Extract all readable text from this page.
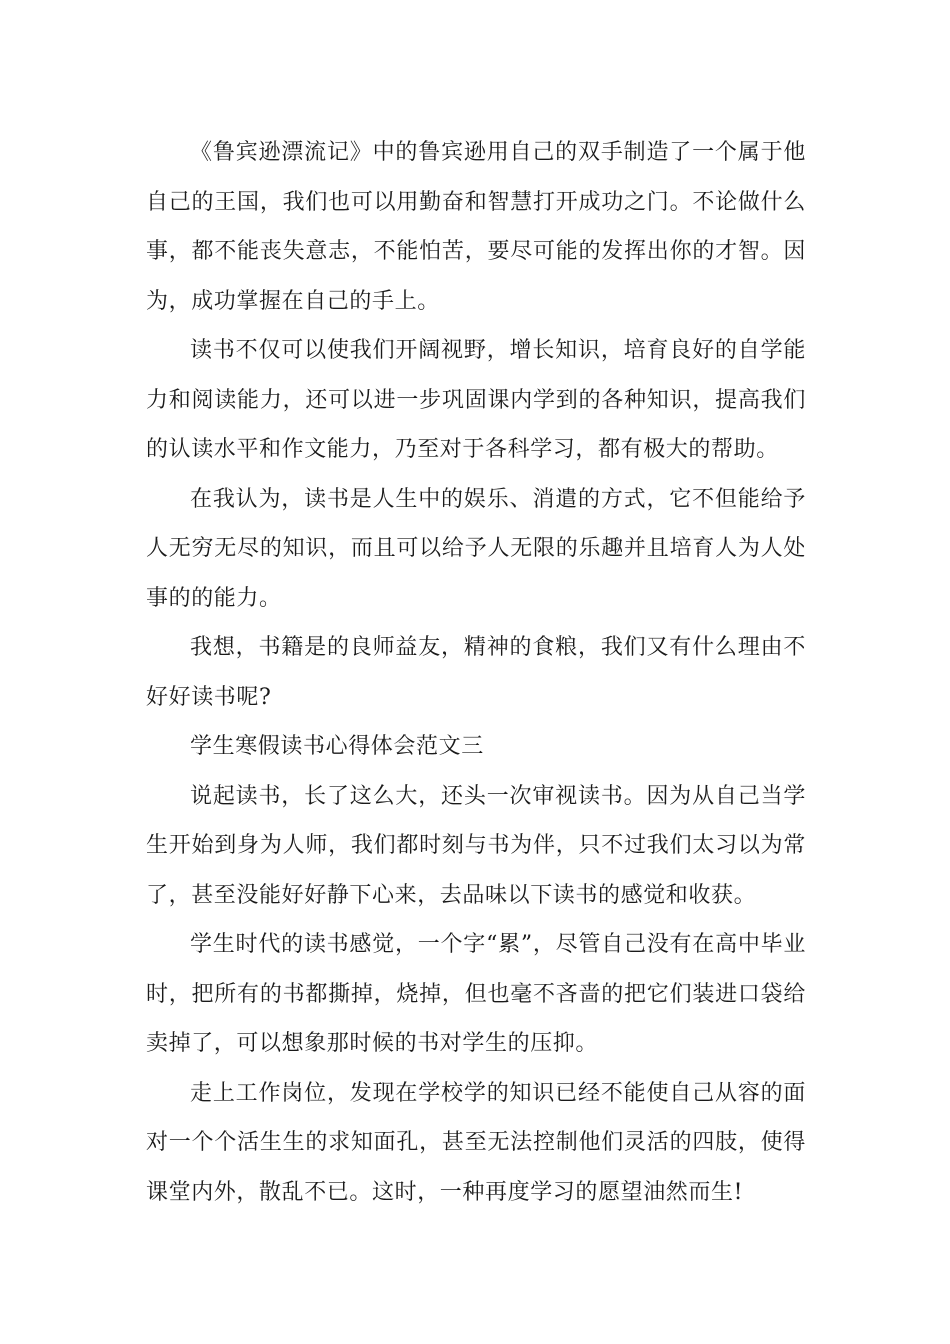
《鲁宾逊漂流记》中的鲁宾逊用自己的双手制造了一个属于他自己的王国，我们也可以用勤奋和智慧打开成功之门。不论做什么事，都不能丧失意志，不能怕苦，要尽可能的发挥出你的才智。因为，成功掌握在自己的手上。

读书不仅可以使我们开阔视野，增长知识，培育良好的自学能力和阅读能力，还可以进一步巩固课内学到的各种知识，提高我们的认读水平和作文能力，乃至对于各科学习，都有极大的帮助。

在我认为，读书是人生中的娱乐、消遣的方式，它不但能给予人无穷无尽的知识，而且可以给予人无限的乐趣并且培育人为人处事的的能力。

我想，书籍是的良师益友，精神的食粮，我们又有什么理由不好好读书呢?

学生寒假读书心得体会范文三

说起读书，长了这么大，还头一次审视读书。因为从自己当学生开始到身为人师，我们都时刻与书为伴，只不过我们太习以为常了，甚至没能好好静下心来，去品味以下读书的感觉和收获。

学生时代的读书感觉，一个字“累”，尽管自己没有在高中毕业时，把所有的书都撕掉，烧掉，但也毫不吝啬的把它们装进口袋给卖掉了，可以想象那时候的书对学生的压抑。

走上工作岗位，发现在学校学的知识已经不能使自己从容的面对一个个活生生的求知面孔，甚至无法控制他们灵活的四肢，使得课堂内外，散乱不已。这时，一种再度学习的愿望油然而生!
